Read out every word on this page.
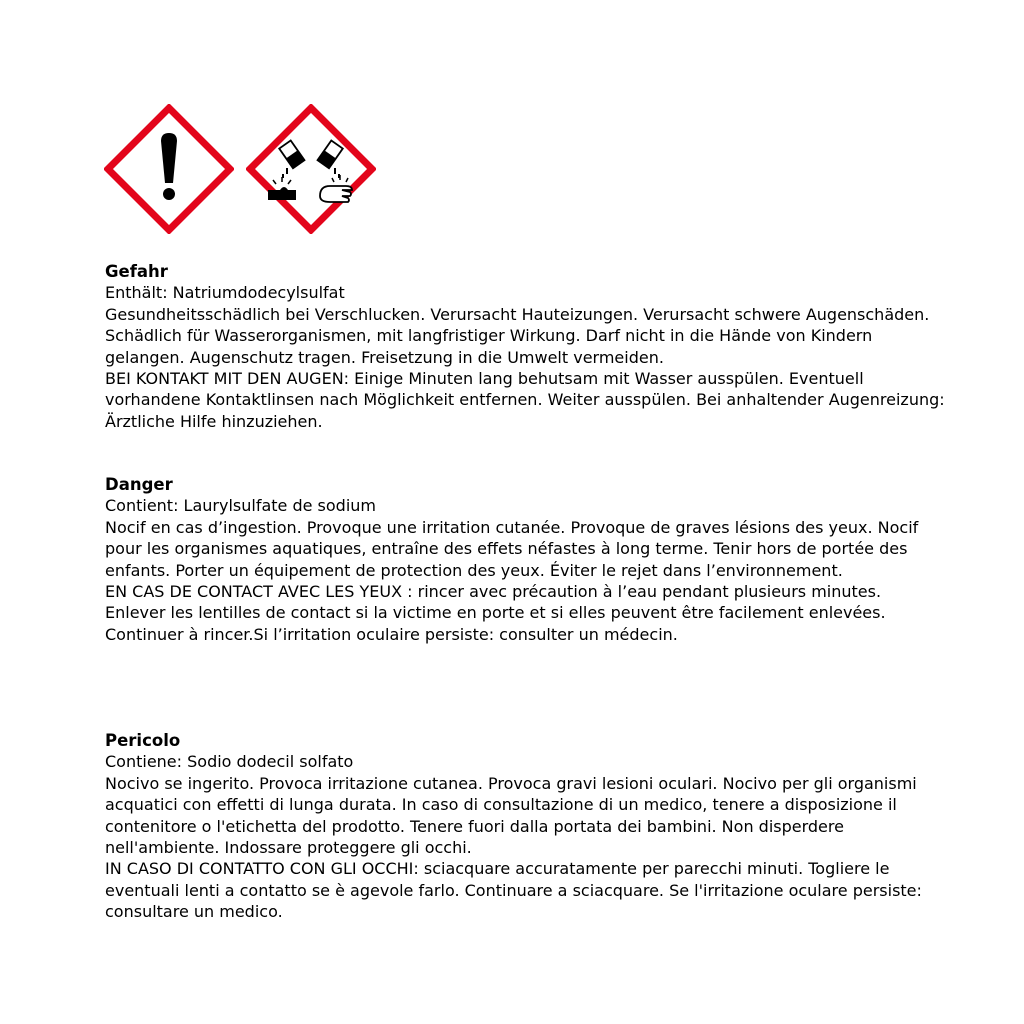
Gefahr

Enthält: Natriumdodecylsulfat

Gesundheitsschädlich bei Verschlucken. Verursacht Hauteizungen. Verursacht schwere Augenschäden. Schädlich für Wasserorganismen, mit langfristiger Wirkung. Darf nicht in die Hände von Kindern gelangen. Augenschutz tragen. Freisetzung in die Umwelt vermeiden.

BEI KONTAKT MIT DEN AUGEN: Einige Minuten lang behutsam mit Wasser ausspülen. Eventuell vorhandene Kontaktlinsen nach Möglichkeit entfernen. Weiter ausspülen. Bei anhaltender Augenreizung: Ärztliche Hilfe hinzuziehen.

Danger

Contient: Laurylsulfate de sodium

Nocif en cas d’ingestion. Provoque une irritation cutanée. Provoque de graves lésions des yeux. Nocif pour les organismes aquatiques, entraîne des effets néfastes à long terme. Tenir hors de portée des enfants. Porter un équipement de protection des yeux. Éviter le rejet dans l’environnement.

EN CAS DE CONTACT AVEC LES YEUX : rincer avec précaution à l’eau pendant plusieurs minutes. Enlever les lentilles de contact si la victime en porte et si elles peuvent être facilement enlevées. Continuer à rincer.Si l’irritation oculaire persiste: consulter un médecin.

Pericolo

Contiene: Sodio dodecil solfato

Nocivo se ingerito. Provoca irritazione cutanea. Provoca gravi lesioni oculari. Nocivo per gli organismi acquatici con effetti di lunga durata. In caso di consultazione di un medico, tenere a disposizione il contenitore o l'etichetta del prodotto. Tenere fuori dalla portata dei bambini. Non disperdere nell'ambiente. Indossare proteggere gli occhi.

IN CASO DI CONTATTO CON GLI OCCHI: sciacquare accuratamente per parecchi minuti. Togliere le eventuali lenti a contatto se è agevole farlo. Continuare a sciacquare. Se l'irritazione oculare persiste: consultare un medico.
